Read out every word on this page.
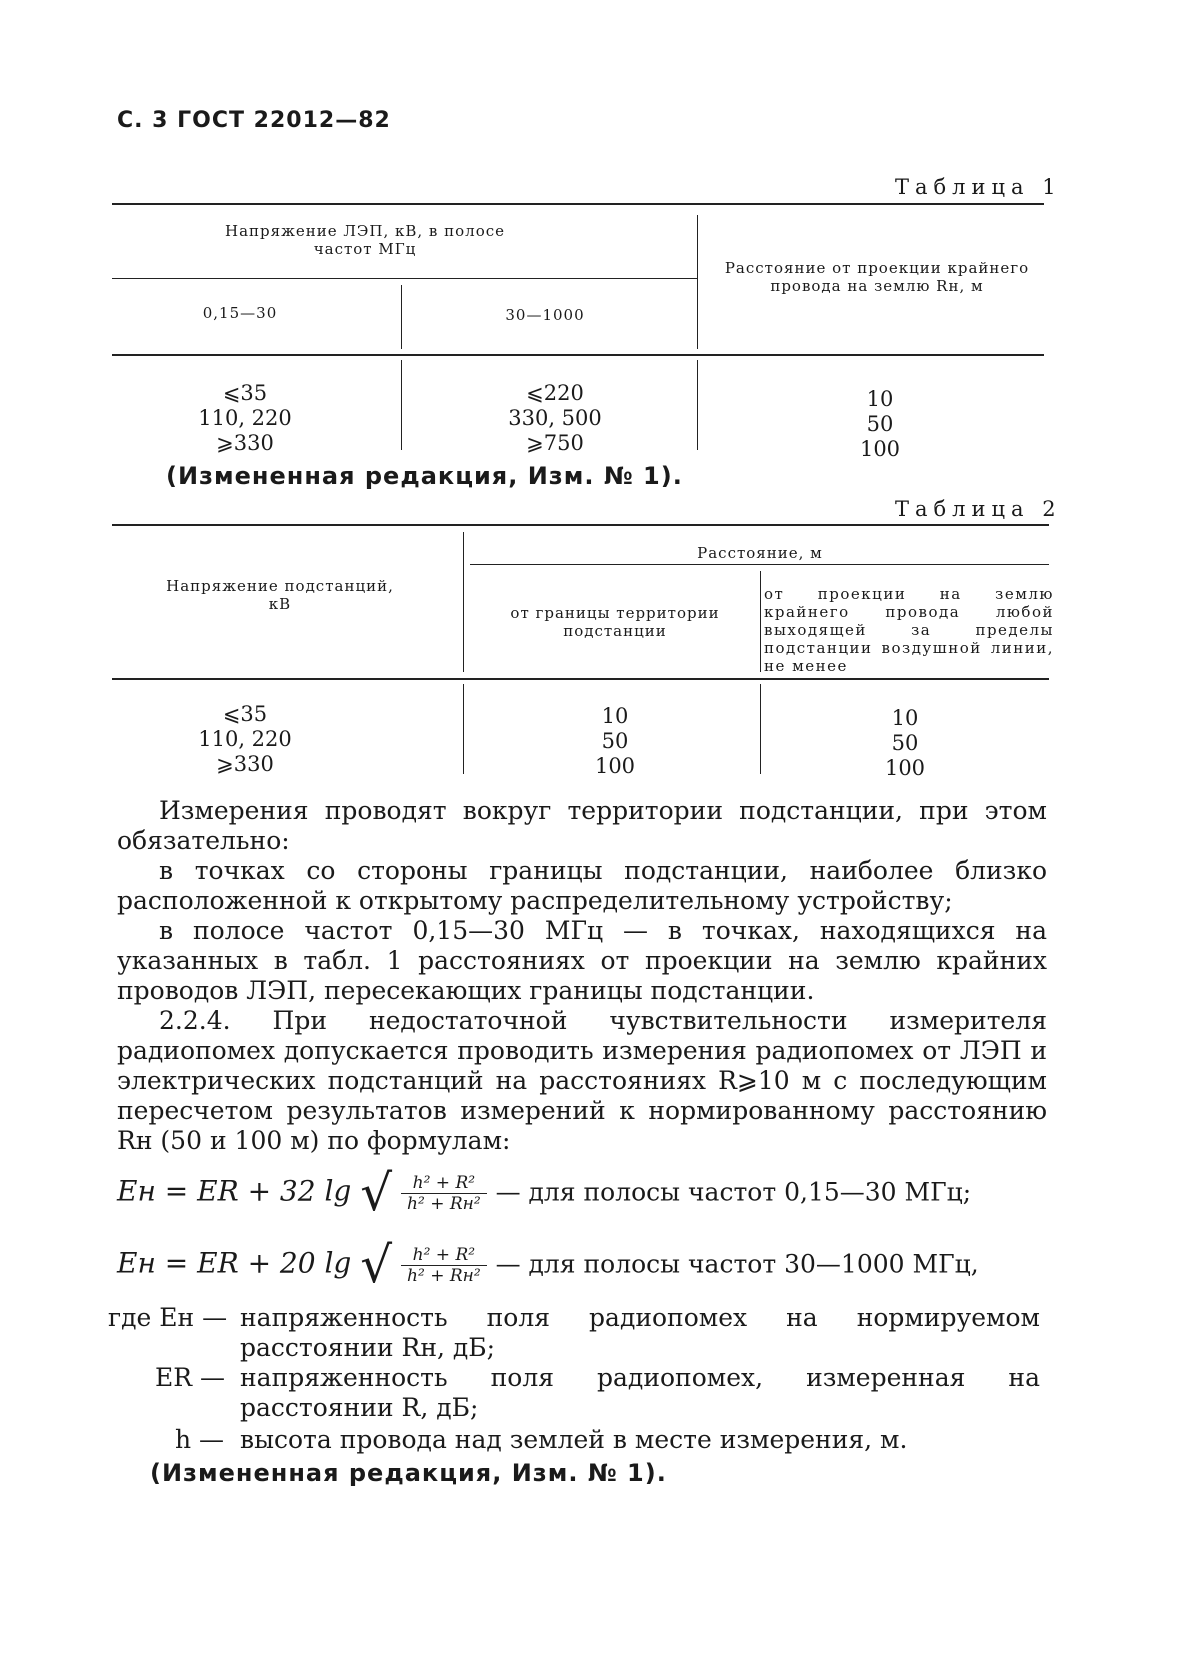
С. 3 ГОСТ 22012—82
Таблица 1
Напряжение ЛЭП, кВ, в полосе частот МГц
0,15—30	30—1000
Расстояние от проекции крайнего провода на землю Rн, м
⩽35
110, 220
⩾330
⩽220
330, 500
⩾750
10
50
100
(Измененная редакция, Изм. № 1).
Таблица 2
Напряжение подстанций, кВ
Расстояние, м
от границы территории подстанции
от проекции на землю крайнего провода любой выходящей за пределы подстанции воздушной линии, не менее
⩽35
110, 220
⩾330
10
50
100
10
50
100
Измерения проводят вокруг территории подстанции, при этом обязательно:
в точках со стороны границы подстанции, наиболее близко расположенной к открытому распределительному устройству;
в полосе частот 0,15—30 МГц — в точках, находящихся на указанных в табл. 1 расстояниях от проекции на землю крайних проводов ЛЭП, пересекающих границы подстанции.
2.2.4. При недостаточной чувствительности измерителя радиопомех допускается проводить измерения радиопомех от ЛЭП и электрических подстанций на расстояниях R⩾10 м с последующим пересчетом результатов измерений к нормированному расстоянию Rн (50 и 100 м) по формулам:
Eн = ER + 32 lg √ $\frac{\text{h² + R²}}{\text{h² + Rн²}}$ — для полосы частот 0,15—30 МГц;
Eн = ER + 20 lg √ $\frac{\text{h² + R²}}{\text{h² + Rн²}}$ — для полосы частот 30—1000 МГц,
где Eн — напряженность поля радиопомех на нормируемом расстоянии Rн, дБ;
ER — напряженность поля радиопомех, измеренная на расстоянии R, дБ;
h — высота провода над землей в месте измерения, м.
(Измененная редакция, Изм. № 1).
